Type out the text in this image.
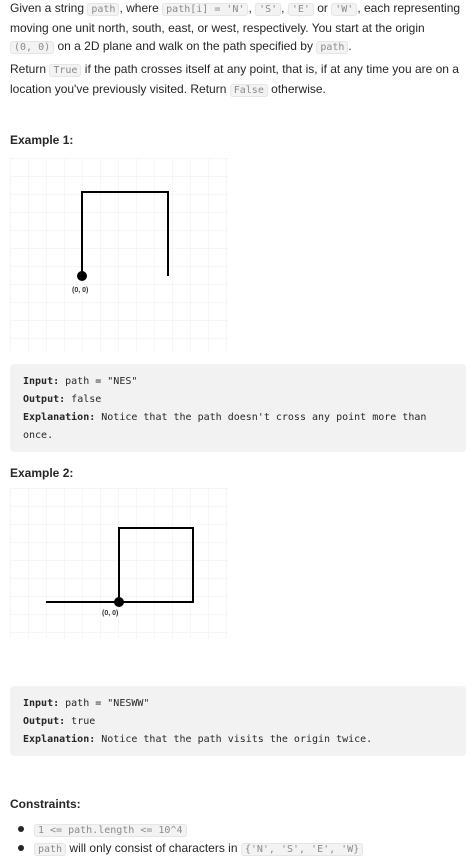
Given a string path , where path[i] = 'N' , 'S' , 'E' or 'W' , each representing moving one unit north, south, east, or west, respectively. You start at the origin (0, 0) on a 2D plane and walk on the path specified by path .

Return True if the path crosses itself at any point, that is, if at any time you are on a location you've previously visited. Return False otherwise.

Example 1:
(0, 0)
Input: path = "NES"
Output: false
Explanation: Notice that the path doesn't cross any point more than
once.
Example 2:
(0, 0)
Input: path = "NESWW"
Output: true
Explanation: Notice that the path visits the origin twice.
Constraints:
1 <= path.length <= 10^4
path will only consist of characters in {'N', 'S', 'E', 'W}
